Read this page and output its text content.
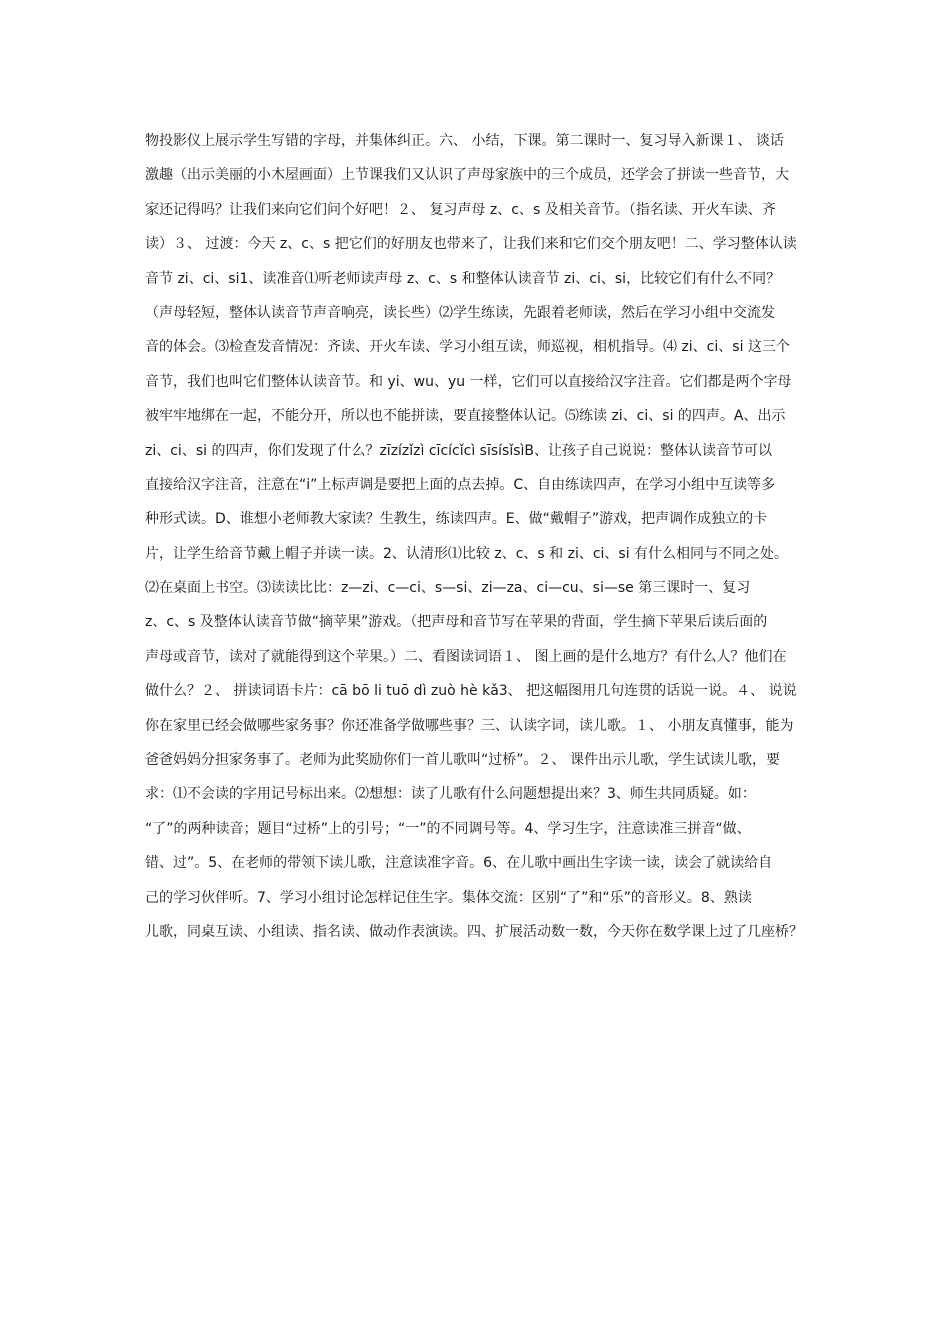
物投影仪上展示学生写错的字母，并集体纠正。六、 小结，下课。第二课时一、复习导入新课１、 谈话
激趣（出示美丽的小木屋画面）上节课我们又认识了声母家族中的三个成员，还学会了拼读一些音节，大
家还记得吗？让我们来向它们问个好吧！２、 复习声母 z、c、s 及相关音节。（指名读、开火车读、齐
读）３、 过渡：今天 z、c、s 把它们的好朋友也带来了，让我们来和它们交个朋友吧！二、学习整体认读
音节 zi、ci、si1、读准音⑴听老师读声母 z、c、s 和整体认读音节 zi、ci、si，比较它们有什么不同？
（声母轻短，整体认读音节声音响亮，读长些）⑵学生练读，先跟着老师读，然后在学习小组中交流发
音的体会。⑶检查发音情况：齐读、开火车读、学习小组互读，师巡视，相机指导。⑷ zi、ci、si 这三个
音节，我们也叫它们整体认读音节。和 yi、wu、yu 一样，它们可以直接给汉字注音。它们都是两个字母
被牢牢地绑在一起，不能分开，所以也不能拼读，要直接整体认记。⑸练读 zi、ci、si 的四声。A、出示
zi、ci、si 的四声，你们发现了什么？zīzízǐzì cīcícǐcì sīsísǐsìB、让孩子自己说说：整体认读音节可以
直接给汉字注音，注意在“i”上标声调是要把上面的点去掉。C、自由练读四声，在学习小组中互读等多
种形式读。D、谁想小老师教大家读？生教生，练读四声。E、做“戴帽子”游戏，把声调作成独立的卡
片，让学生给音节戴上帽子并读一读。2、认清形⑴比较 z、c、s 和 zi、ci、si 有什么相同与不同之处。
⑵在桌面上书空。⑶读读比比：z—zi、c—ci、s—si、zi—za、ci—cu、si—se 第三课时一、复习
z、c、s 及整体认读音节做“摘苹果”游戏。（把声母和音节写在苹果的背面，学生摘下苹果后读后面的
声母或音节，读对了就能得到这个苹果。）二、看图读词语１、 图上画的是什么地方？有什么人？他们在
做什么？２、 拼读词语卡片：cā bō li tuō dì zuò hè kǎ3、 把这幅图用几句连贯的话说一说。４、 说说
你在家里已经会做哪些家务事？你还准备学做哪些事？三、认读字词，读儿歌。１、 小朋友真懂事，能为
爸爸妈妈分担家务事了。老师为此奖励你们一首儿歌叫“过桥”。２、 课件出示儿歌，学生试读儿歌，要
求：⑴不会读的字用记号标出来。⑵想想：读了儿歌有什么问题想提出来？3、师生共同质疑。如：
“了”的两种读音；题目“过桥”上的引号；“一”的不同调号等。4、学习生字，注意读准三拼音“做、
错、过”。5、在老师的带领下读儿歌，注意读准字音。6、在儿歌中画出生字读一读，读会了就读给自
己的学习伙伴听。7、学习小组讨论怎样记住生字。集体交流：区别“了”和“乐”的音形义。8、熟读
儿歌，同桌互读、小组读、指名读、做动作表演读。四、扩展活动数一数，今天你在数学课上过了几座桥？
